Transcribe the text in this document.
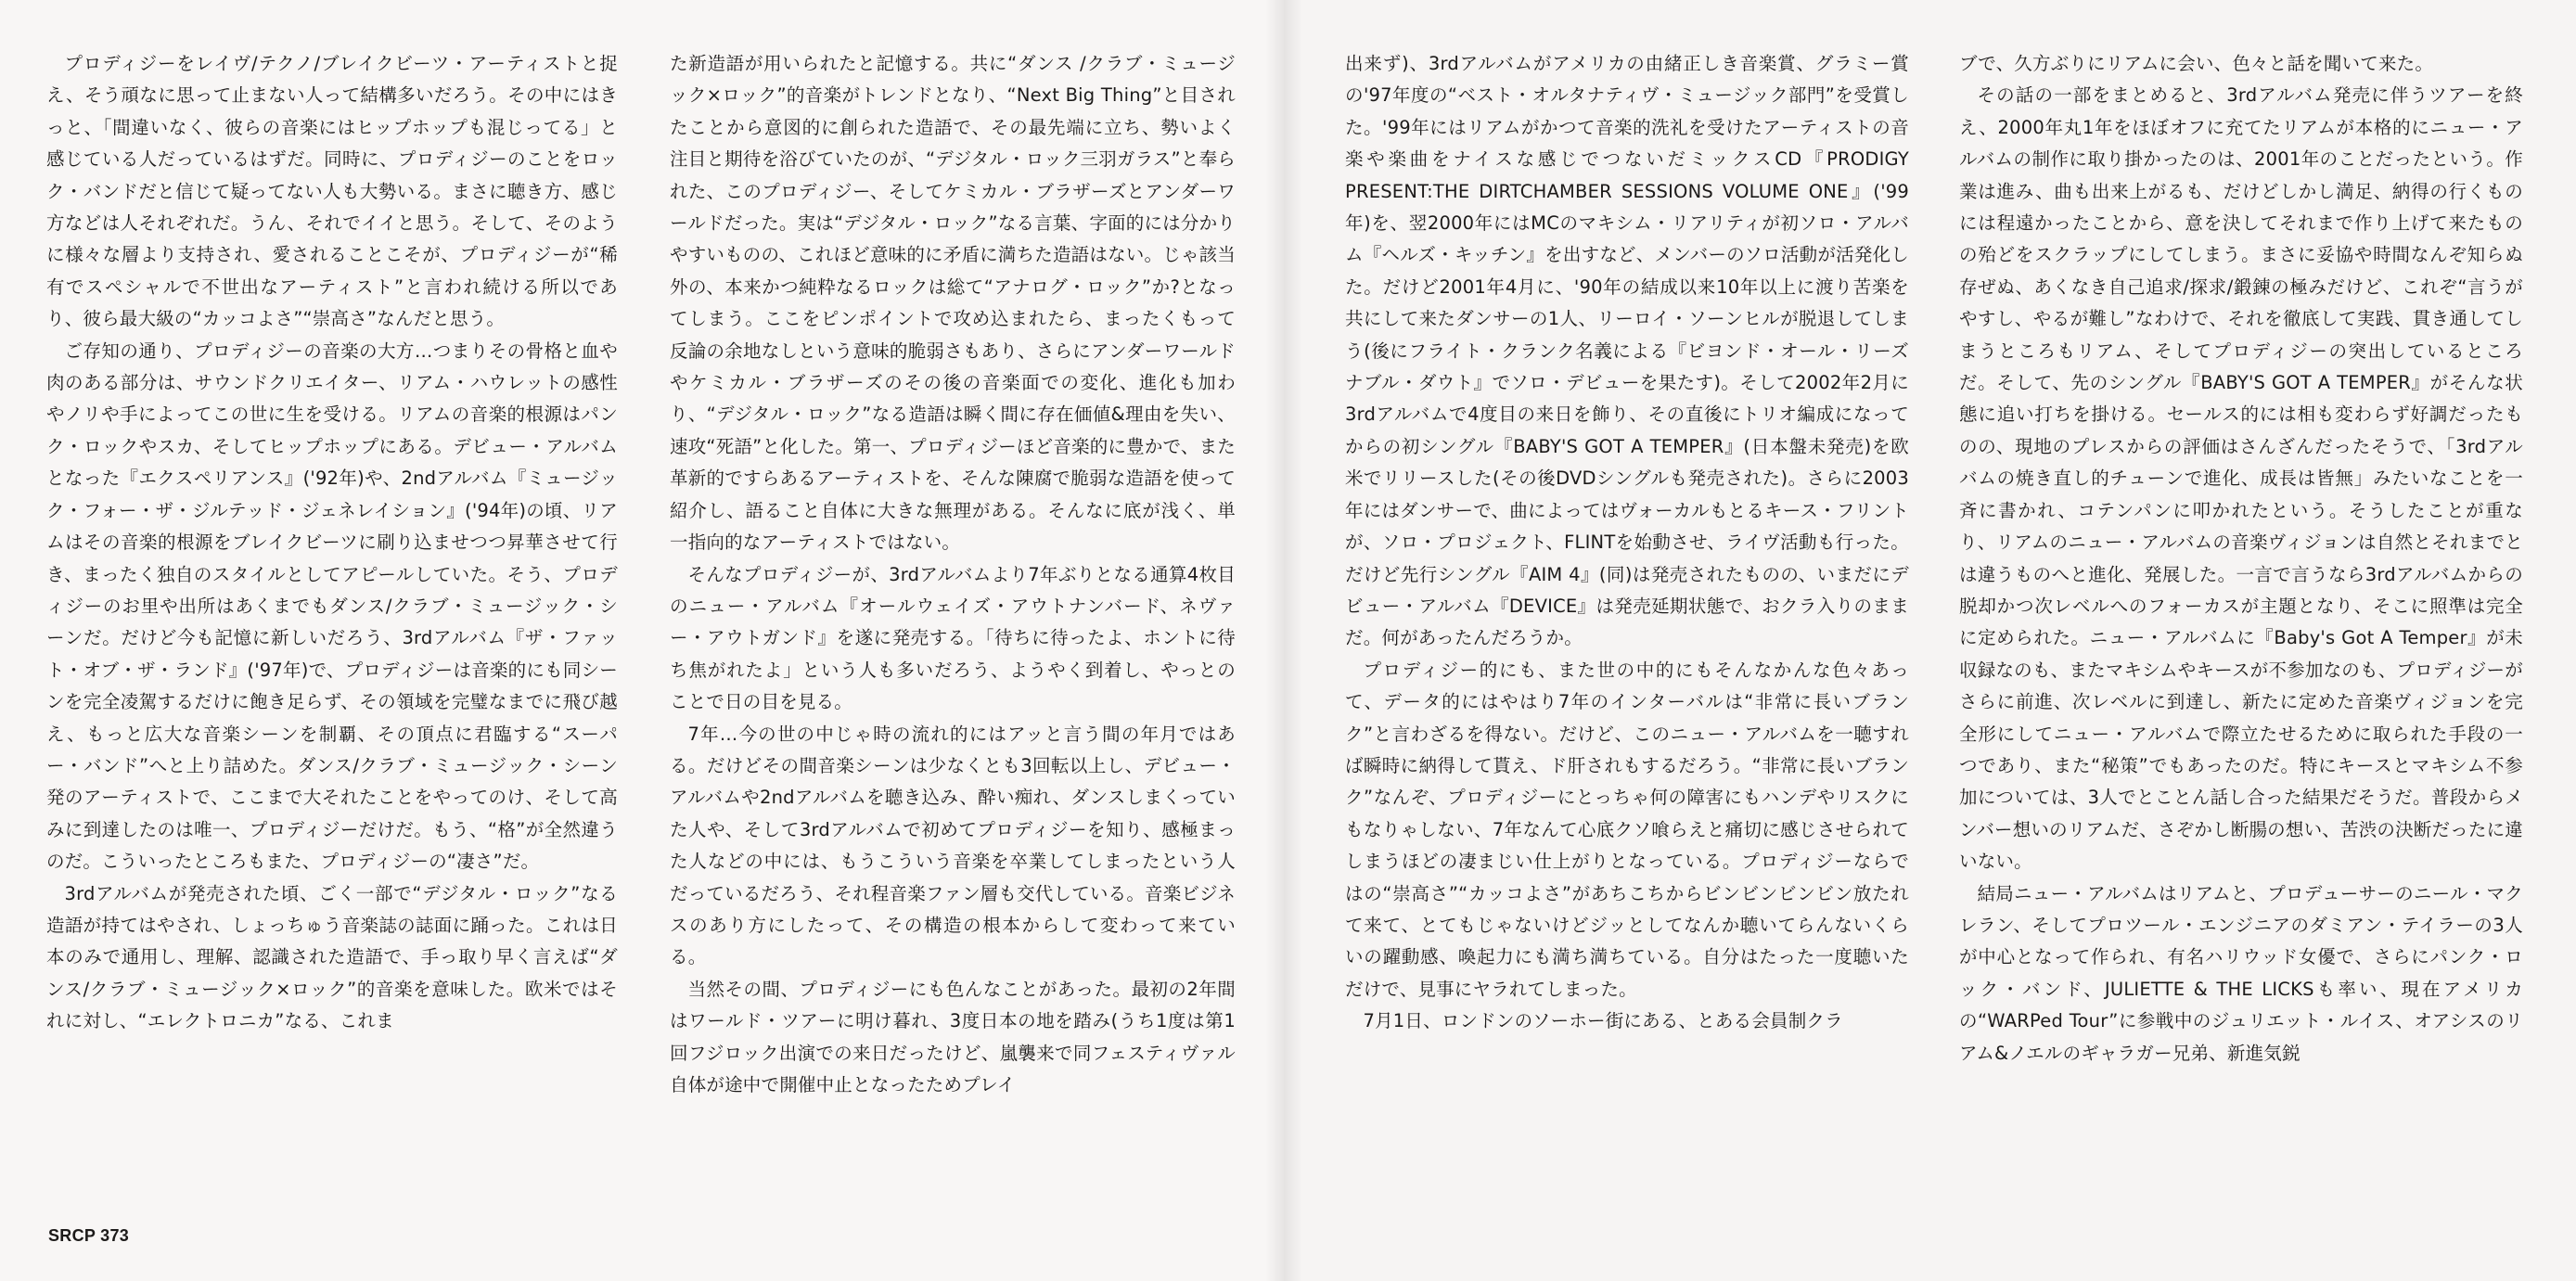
プロディジーをレイヴ/テクノ/ブレイクビーツ・アーティストと捉え、そう頑なに思って止まない人って結構多いだろう。その中にはきっと、「間違いなく、彼らの音楽にはヒップホップも混じってる」と感じている人だっているはずだ。同時に、プロディジーのことをロック・バンドだと信じて疑ってない人も大勢いる。まさに聴き方、感じ方などは人それぞれだ。うん、それでイイと思う。そして、そのように様々な層より支持され、愛されることこそが、プロディジーが“稀有でスペシャルで不世出なアーティスト”と言われ続ける所以であり、彼ら最大級の“カッコよさ”“崇高さ”なんだと思う。

ご存知の通り、プロディジーの音楽の大方…つまりその骨格と血や肉のある部分は、サウンドクリエイター、リアム・ハウレットの感性やノリや手によってこの世に生を受ける。リアムの音楽的根源はパンク・ロックやスカ、そしてヒップホップにある。デビュー・アルバムとなった『エクスペリアンス』('92年)や、2ndアルバム『ミュージック・フォー・ザ・ジルテッド・ジェネレイション』('94年)の頃、リアムはその音楽的根源をブレイクビーツに刷り込ませつつ昇華させて行き、まったく独自のスタイルとしてアピールしていた。そう、プロディジーのお里や出所はあくまでもダンス/クラブ・ミュージック・シーンだ。だけど今も記憶に新しいだろう、3rdアルバム『ザ・ファット・オブ・ザ・ランド』('97年)で、プロディジーは音楽的にも同シーンを完全凌駕するだけに飽き足らず、その領域を完璧なまでに飛び越え、もっと広大な音楽シーンを制覇、その頂点に君臨する“スーパー・バンド”へと上り詰めた。ダンス/クラブ・ミュージック・シーン発のアーティストで、ここまで大それたことをやってのけ、そして高みに到達したのは唯一、プロディジーだけだ。もう、“格”が全然違うのだ。こういったところもまた、プロディジーの“凄さ”だ。

3rdアルバムが発売された頃、ごく一部で“デジタル・ロック”なる造語が持てはやされ、しょっちゅう音楽誌の誌面に踊った。これは日本のみで通用し、理解、認識された造語で、手っ取り早く言えば“ダンス/クラブ・ミュージック×ロック”的音楽を意味した。欧米ではそれに対し、“エレクトロニカ”なる、これま

た新造語が用いられたと記憶する。共に“ダンス /クラブ・ミュージック×ロック”的音楽がトレンドとなり、“Next Big Thing”と目されたことから意図的に創られた造語で、その最先端に立ち、勢いよく注目と期待を浴びていたのが、“デジタル・ロック三羽ガラス”と奉られた、このプロディジー、そしてケミカル・ブラザーズとアンダーワールドだった。実は“デジタル・ロック”なる言葉、字面的には分かりやすいものの、これほど意味的に矛盾に満ちた造語はない。じゃ該当外の、本来かつ純粋なるロックは総て“アナログ・ロック”か?となってしまう。ここをピンポイントで攻め込まれたら、まったくもって反論の余地なしという意味的脆弱さもあり、さらにアンダーワールドやケミカル・ブラザーズのその後の音楽面での変化、進化も加わり、“デジタル・ロック”なる造語は瞬く間に存在価値&理由を失い、速攻“死語”と化した。第一、プロディジーほど音楽的に豊かで、また革新的ですらあるアーティストを、そんな陳腐で脆弱な造語を使って紹介し、語ること自体に大きな無理がある。そんなに底が浅く、単一指向的なアーティストではない。

そんなプロディジーが、3rdアルバムより7年ぶりとなる通算4枚目のニュー・アルバム『オールウェイズ・アウトナンバード、ネヴァー・アウトガンド』を遂に発売する。「待ちに待ったよ、ホントに待ち焦がれたよ」という人も多いだろう、ようやく到着し、やっとのことで日の目を見る。

7年…今の世の中じゃ時の流れ的にはアッと言う間の年月ではある。だけどその間音楽シーンは少なくとも3回転以上し、デビュー・アルバムや2ndアルバムを聴き込み、酔い痴れ、ダンスしまくっていた人や、そして3rdアルバムで初めてプロディジーを知り、感極まった人などの中には、もうこういう音楽を卒業してしまったという人だっているだろう、それ程音楽ファン層も交代している。音楽ビジネスのあり方にしたって、その構造の根本からして変わって来ている。

当然その間、プロディジーにも色んなことがあった。最初の2年間はワールド・ツアーに明け暮れ、3度日本の地を踏み(うち1度は第1回フジロック出演での来日だったけど、嵐襲来で同フェスティヴァル自体が途中で開催中止となったためプレイ

SRCP 373

出来ず)、3rdアルバムがアメリカの由緒正しき音楽賞、グラミー賞の'97年度の“ベスト・オルタナティヴ・ミュージック部門”を受賞した。'99年にはリアムがかつて音楽的洗礼を受けたアーティストの音楽や楽曲をナイスな感じでつないだミックスCD『PRODIGY PRESENT:THE DIRTCHAMBER SESSIONS VOLUME ONE』('99年)を、翌2000年にはMCのマキシム・リアリティが初ソロ・アルバム『ヘルズ・キッチン』を出すなど、メンバーのソロ活動が活発化した。だけど2001年4月に、'90年の結成以来10年以上に渡り苦楽を共にして来たダンサーの1人、リーロイ・ソーンヒルが脱退してしまう(後にフライト・クランク名義による『ビヨンド・オール・リーズナブル・ダウト』でソロ・デビューを果たす)。そして2002年2月に3rdアルバムで4度目の来日を飾り、その直後にトリオ編成になってからの初シングル『BABY'S GOT A TEMPER』(日本盤未発売)を欧米でリリースした(その後DVDシングルも発売された)。さらに2003年にはダンサーで、曲によってはヴォーカルもとるキース・フリントが、ソロ・プロジェクト、FLINTを始動させ、ライヴ活動も行った。だけど先行シングル『AIM 4』(同)は発売されたものの、いまだにデビュー・アルバム『DEVICE』は発売延期状態で、おクラ入りのままだ。何があったんだろうか。

プロディジー的にも、また世の中的にもそんなかんな色々あって、データ的にはやはり7年のインターバルは“非常に長いブランク”と言わざるを得ない。だけど、このニュー・アルバムを一聴すれば瞬時に納得して貰え、ド肝されもするだろう。“非常に長いブランク”なんぞ、プロディジーにとっちゃ何の障害にもハンデやリスクにもなりゃしない、7年なんて心底クソ喰らえと痛切に感じさせられてしまうほどの凄まじい仕上がりとなっている。プロディジーならではの“崇高さ”“カッコよさ”があちこちからビンビンビンビン放たれて来て、とてもじゃないけどジッとしてなんか聴いてらんないくらいの躍動感、喚起力にも満ち満ちている。自分はたった一度聴いただけで、見事にヤラれてしまった。

7月1日、ロンドンのソーホー街にある、とある会員制クラ

ブで、久方ぶりにリアムに会い、色々と話を聞いて来た。

その話の一部をまとめると、3rdアルバム発売に伴うツアーを終え、2000年丸1年をほぼオフに充てたリアムが本格的にニュー・アルバムの制作に取り掛かったのは、2001年のことだったという。作業は進み、曲も出来上がるも、だけどしかし満足、納得の行くものには程遠かったことから、意を決してそれまで作り上げて来たものの殆どをスクラップにしてしまう。まさに妥協や時間なんぞ知らぬ存ぜぬ、あくなき自己追求/探求/鍛錬の極みだけど、これぞ“言うがやすし、やるが難し”なわけで、それを徹底して実践、貫き通してしまうところもリアム、そしてプロディジーの突出しているところだ。そして、先のシングル『BABY'S GOT A TEMPER』がそんな状態に追い打ちを掛ける。セールス的には相も変わらず好調だったものの、現地のプレスからの評価はさんざんだったそうで、「3rdアルバムの焼き直し的チューンで進化、成長は皆無」みたいなことを一斉に書かれ、コテンパンに叩かれたという。そうしたことが重なり、リアムのニュー・アルバムの音楽ヴィジョンは自然とそれまでとは違うものへと進化、発展した。一言で言うなら3rdアルバムからの脱却かつ次レベルへのフォーカスが主題となり、そこに照準は完全に定められた。ニュー・アルバムに『Baby's Got A Temper』が未収録なのも、またマキシムやキースが不参加なのも、プロディジーがさらに前進、次レベルに到達し、新たに定めた音楽ヴィジョンを完全形にしてニュー・アルバムで際立たせるために取られた手段の一つであり、また“秘策”でもあったのだ。特にキースとマキシム不参加については、3人でとことん話し合った結果だそうだ。普段からメンバー想いのリアムだ、さぞかし断腸の想い、苦渋の決断だったに違いない。

結局ニュー・アルバムはリアムと、プロデューサーのニール・マクレラン、そしてプロツール・エンジニアのダミアン・テイラーの3人が中心となって作られ、有名ハリウッド女優で、さらにパンク・ロック・バンド、JULIETTE & THE LICKSも率い、現在アメリカの“WARPed Tour”に参戦中のジュリエット・ルイス、オアシスのリアム&ノエルのギャラガー兄弟、新進気鋭
